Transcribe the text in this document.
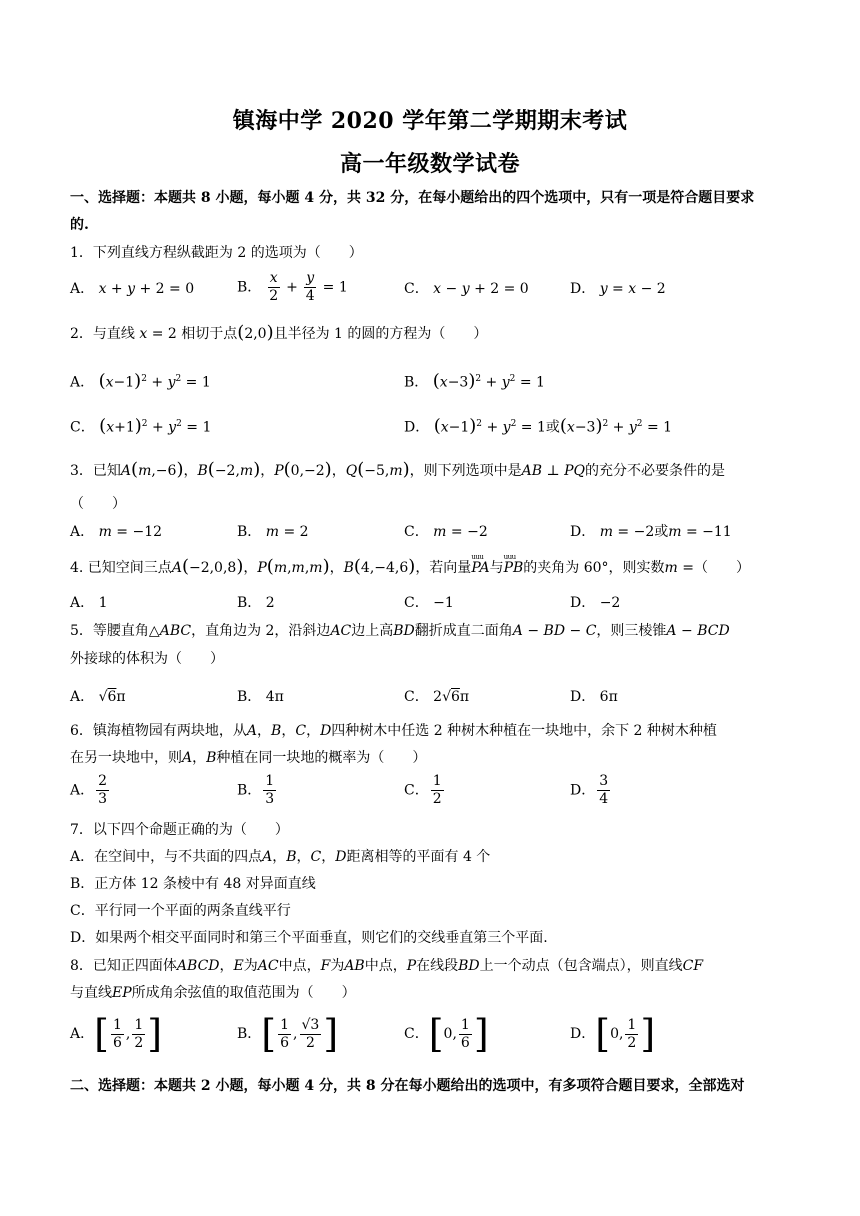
镇海中学 2020 学年第二学期期末考试
高一年级数学试卷
一、选择题：本题共 8 小题，每小题 4 分，共 32 分，在每小题给出的四个选项中，只有一项是符合题目要求
的.
1．下列直线方程纵截距为 2 的选项为（　　）
A． x + y + 2 = 0	B． $\frac{x}{2} + \frac{y}{4} = 1$	C． x − y + 2 = 0	D． y = x − 2
2．与直线 x = 2 相切于点(2,0)且半径为 1 的圆的方程为（　　）
A． $(x-1)^2 + y^2 = 1$	B． $(x-3)^2 + y^2 = 1$
C． $(x+1)^2 + y^2 = 1$	D． $(x-1)^2 + y^2 = 1$或$(x-3)^2 + y^2 = 1$
3．已知A(m,−6)，B(−2,m)，P(0,−2)，Q(−5,m)，则下列选项中是AB ⊥ PQ的充分不必要条件的是
（　　）
A． m = −12	B． m = 2	C． m = −2	D． m = −2或m = −11
4. 已知空间三点A(−2,0,8)，P(m,m,m)，B(4,−4,6)，若向量uuu PA与uuu PB的夹角为 60°，则实数m =（　　）
A． 1	B． 2	C． −1	D． −2
5．等腰直角△ABC，直角边为 2，沿斜边AC边上高BD翻折成直二面角A − BD − C，则三棱锥A − BCD
外接球的体积为（　　）
A． √6π	B． 4π	C． 2√6π	D． 6π
6．镇海植物园有两块地，从A，B，C，D四种树木中任选 2 种树木种植在一块地中，余下 2 种树木种植
在另一块地中，则A，B种植在同一块地的概率为（　　）
A． $\frac{2}{3}$	B． $\frac{1}{3}$	C． $\frac{1}{2}$	D． $\frac{3}{4}$
7．以下四个命题正确的为（　　）
A．在空间中，与不共面的四点A，B，C，D距离相等的平面有 4 个
B．正方体 12 条棱中有 48 对异面直线
C．平行同一个平面的两条直线平行
D．如果两个相交平面同时和第三个平面垂直，则它们的交线垂直第三个平面.
8．已知正四面体ABCD，E为AC中点，F为AB中点，P在线段BD上一个动点（包含端点），则直线CF
与直线EP所成角余弦值的取值范围为（　　）
A．[ $\frac{1}{6}$ , $\frac{1}{2}$ ]	B．[ $\frac{1}{6}$ , $\frac{√3}{2}$ ]	C．[0, $\frac{1}{6}$ ]	D．[0, $\frac{1}{2}$ ]
二、选择题：本题共 2 小题，每小题 4 分，共 8 分在每小题给出的选项中，有多项符合题目要求，全部选对
